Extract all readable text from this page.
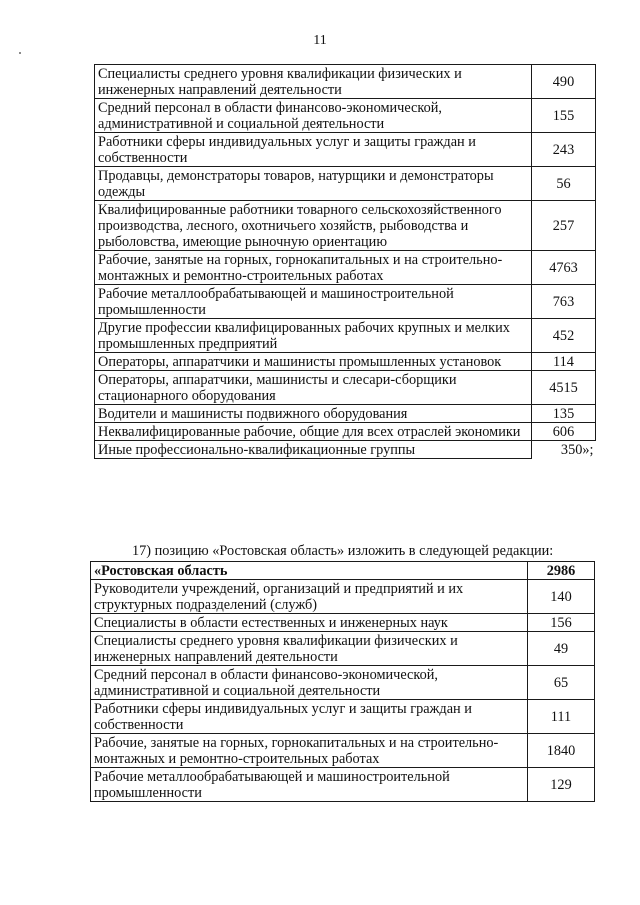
11
Специалисты среднего уровня квалификации физических и инженерных направлений деятельности	490
Средний персонал в области финансово-экономической, административной и социальной деятельности	155
Работники сферы индивидуальных услуг и защиты граждан и собственности	243
Продавцы, демонстраторы товаров, натурщики и демонстраторы одежды	56
Квалифицированные работники товарного сельскохозяйственного производства, лесного, охотничьего хозяйств, рыбоводства и рыболовства, имеющие рыночную ориентацию	257
Рабочие, занятые на горных, горнокапитальных и на строительно-монтажных и ремонтно-строительных работах	4763
Рабочие металлообрабатывающей и машиностроительной промышленности	763
Другие профессии квалифицированных рабочих крупных и мелких промышленных предприятий	452
Операторы, аппаратчики и машинисты промышленных установок	114
Операторы, аппаратчики, машинисты и слесари-сборщики стационарного оборудования	4515
Водители и машинисты подвижного оборудования	135
Неквалифицированные рабочие, общие для всех отраслей экономики	606
Иные профессионально-квалификационные группы	350»;
17) позицию «Ростовская область» изложить в следующей редакции:
«Ростовская область	2986
Руководители учреждений, организаций и предприятий и их структурных подразделений (служб)	140
Специалисты в области естественных и инженерных наук	156
Специалисты среднего уровня квалификации физических и инженерных направлений деятельности	49
Средний персонал в области финансово-экономической, административной и социальной деятельности	65
Работники сферы индивидуальных услуг и защиты граждан и собственности	111
Рабочие, занятые на горных, горнокапитальных и на строительно-монтажных и ремонтно-строительных работах	1840
Рабочие металлообрабатывающей и машиностроительной промышленности	129
